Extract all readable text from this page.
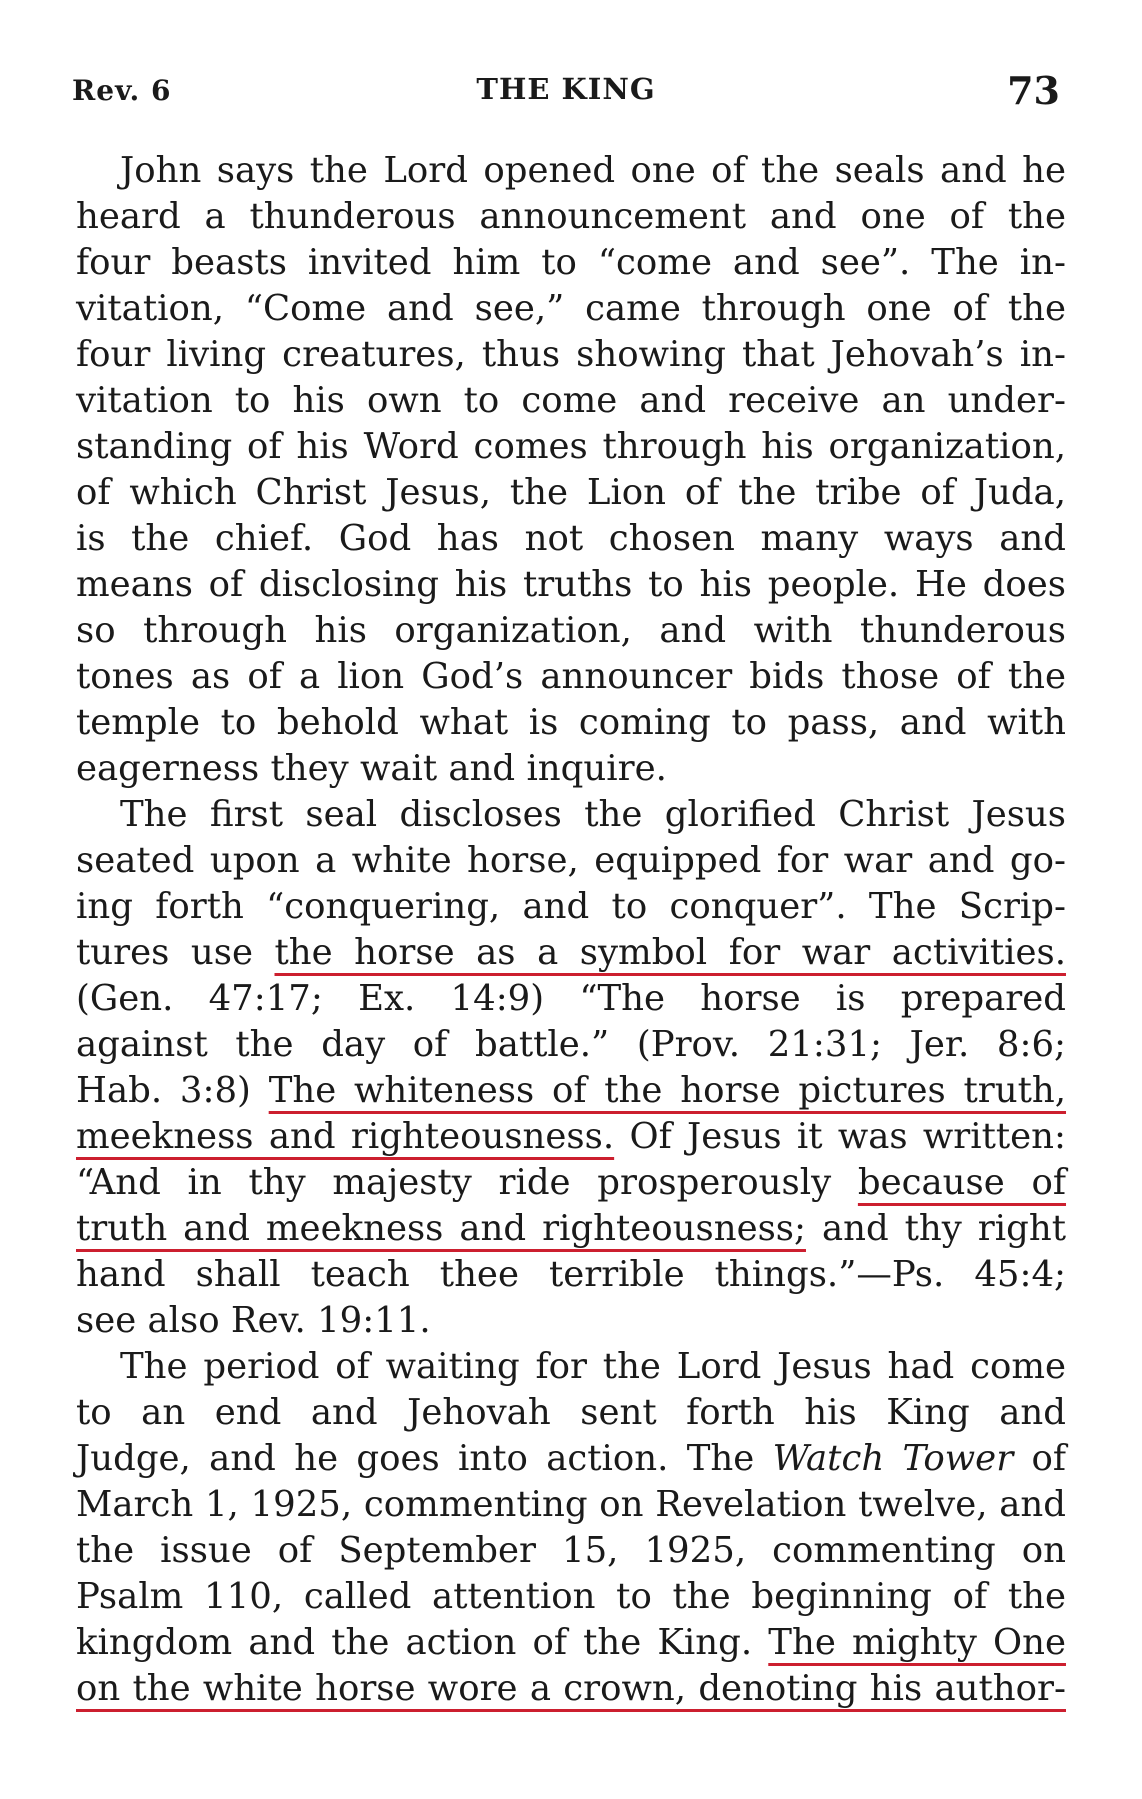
Rev. 6	THE KING	73
John says the Lord opened one of the seals and he
heard a thunderous announcement and one of the
four beasts invited him to “come and see”. The in-
vitation, “Come and see,” came through one of the
four living creatures, thus showing that Jehovah’s in-
vitation to his own to come and receive an under-
standing of his Word comes through his organization,
of which Christ Jesus, the Lion of the tribe of Juda,
is the chief. God has not chosen many ways and
means of disclosing his truths to his people. He does
so through his organization, and with thunderous
tones as of a lion God’s announcer bids those of the
temple to behold what is coming to pass, and with
eagerness they wait and inquire.
The first seal discloses the glorified Christ Jesus
seated upon a white horse, equipped for war and go-
ing forth “conquering, and to conquer”. The Scrip-
tures use the horse as a symbol for war activities.
(Gen. 47:17; Ex. 14:9) “The horse is prepared
against the day of battle.” (Prov. 21:31; Jer. 8:6;
Hab. 3:8) The whiteness of the horse pictures truth,
meekness and righteousness. Of Jesus it was written:
“And in thy majesty ride prosperously because of
truth and meekness and righteousness; and thy right
hand shall teach thee terrible things.”—Ps. 45:4;
see also Rev. 19:11.
The period of waiting for the Lord Jesus had come
to an end and Jehovah sent forth his King and
Judge, and he goes into action. The Watch Tower of
March 1, 1925, commenting on Revelation twelve, and
the issue of September 15, 1925, commenting on
Psalm 110, called attention to the beginning of the
kingdom and the action of the King. The mighty One
on the white horse wore a crown, denoting his author-
